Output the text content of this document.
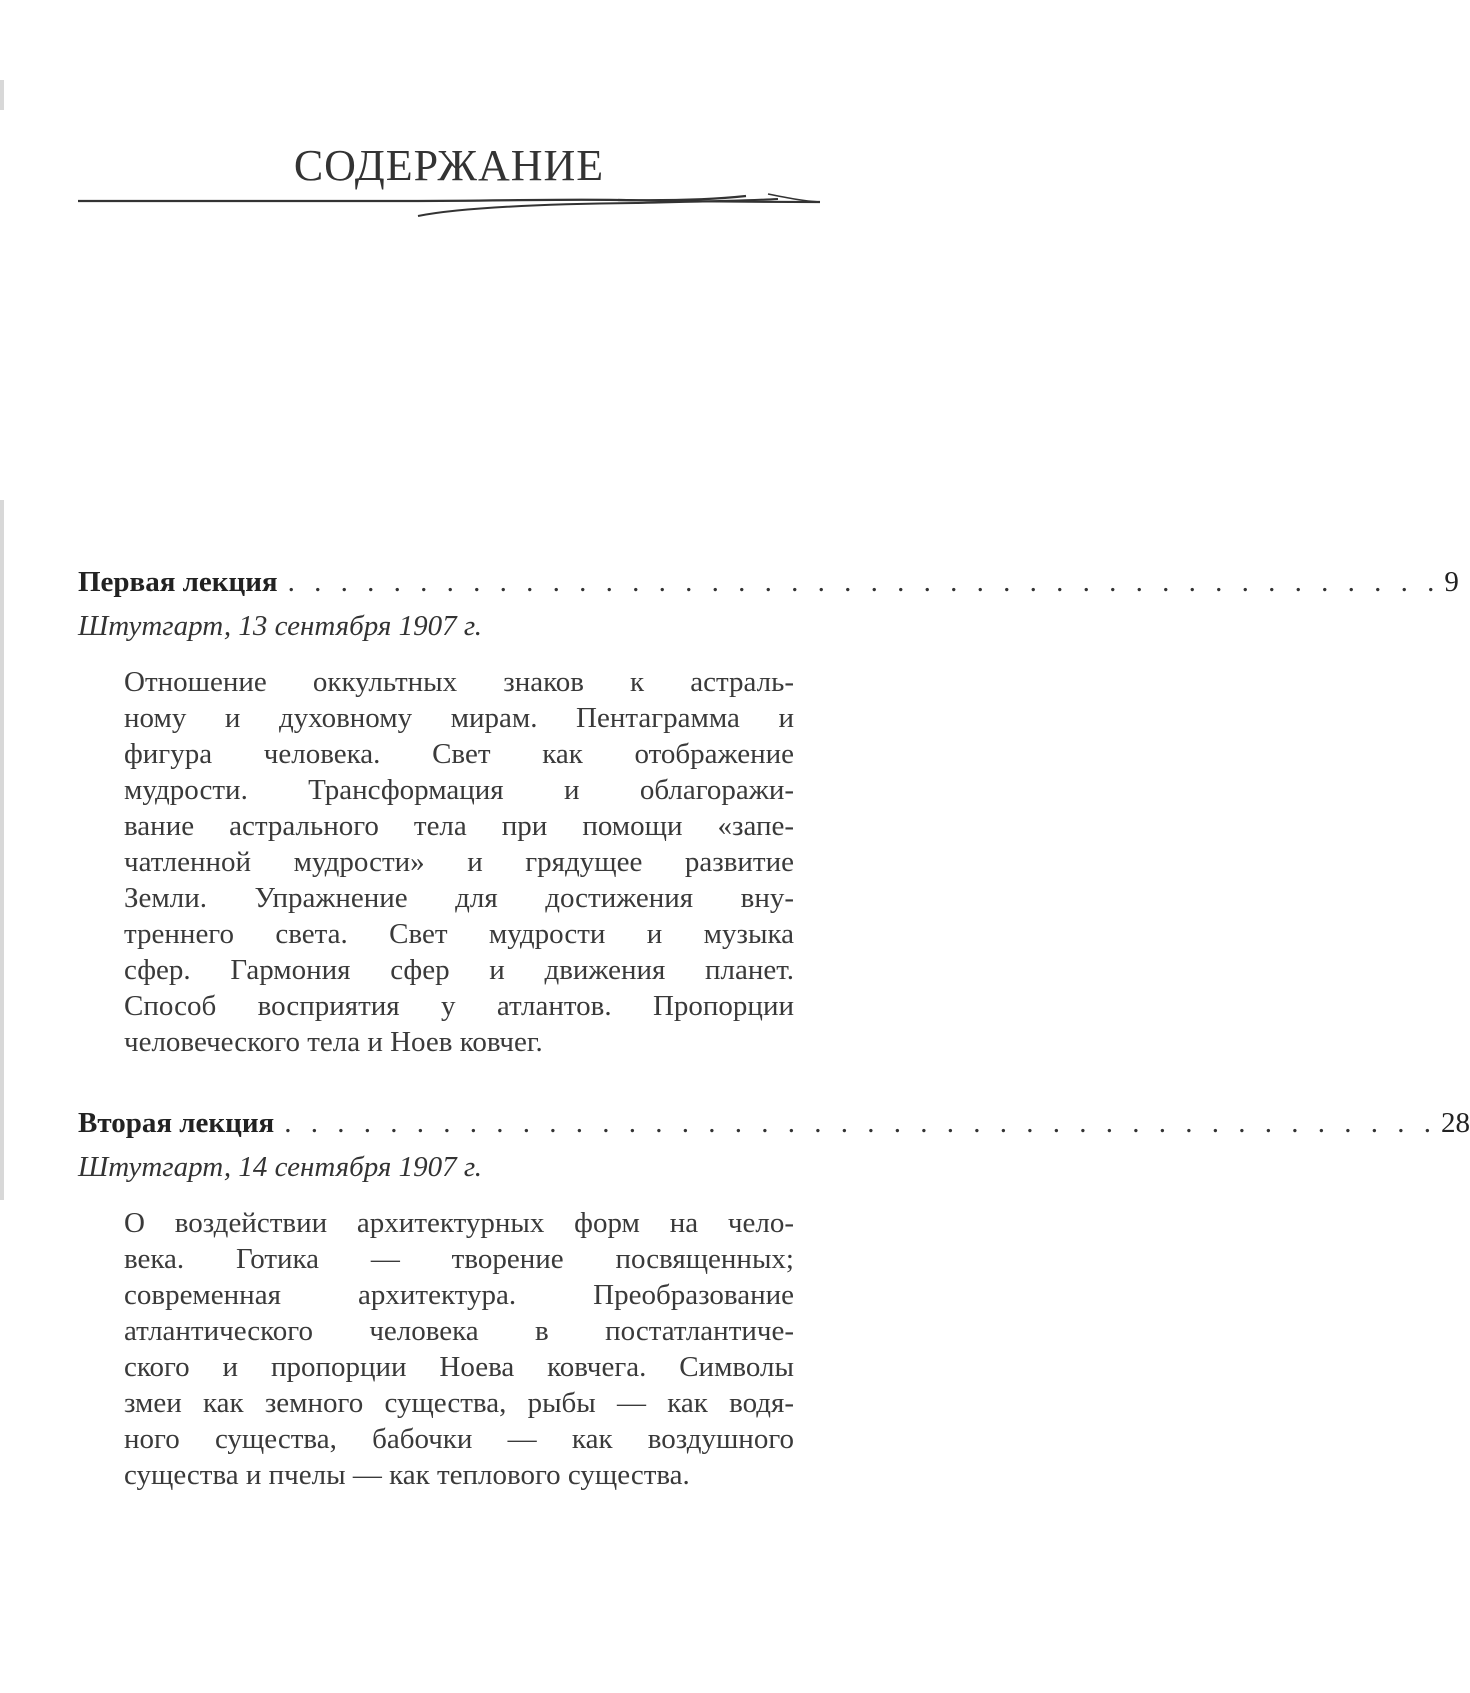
СОДЕРЖАНИЕ
Первая лекция . . . . . . . . . . . . . . . . . . . . . . . . . . . . . . . . . . . . . . . . . . . . 9
Штутгарт, 13 сентября 1907 г.
Отношение оккультных знаков к астраль-
ному и духовному мирам. Пентаграмма и
фигура человека. Свет как отображение
мудрости. Трансформация и облагоражи-
вание астрального тела при помощи «запе-
чатленной мудрости» и грядущее развитие
Земли. Упражнение для достижения вну-
треннего света. Свет мудрости и музыка
сфер. Гармония сфер и движения планет.
Способ восприятия у атлантов. Пропорции
человеческого тела и Ноев ковчег.
Вторая лекция . . . . . . . . . . . . . . . . . . . . . . . . . . . . . . . . . . . . . . . . . . . . 28
Штутгарт, 14 сентября 1907 г.
О воздействии архитектурных форм на чело-
века. Готика — творение посвященных;
современная архитектура. Преобразование
атлантического человека в постатлантиче-
ского и пропорции Ноева ковчега. Символы
змеи как земного существа, рыбы — как водя-
ного существа, бабочки — как воздушного
существа и пчелы — как теплового существа.
